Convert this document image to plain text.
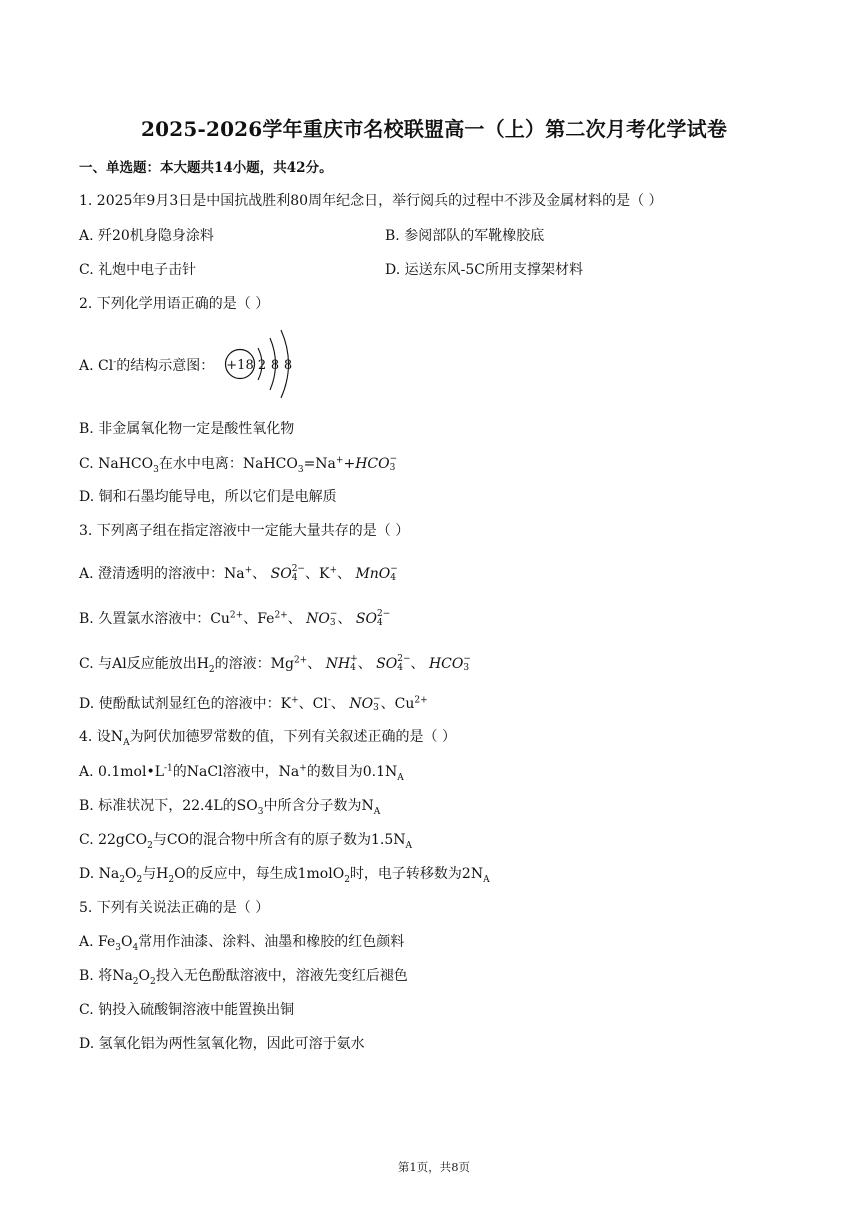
2025-2026学年重庆市名校联盟高一（上）第二次月考化学试卷
一、单选题：本大题共14小题，共42分。
1. 2025年9月3日是中国抗战胜利80周年纪念日，举行阅兵的过程中不涉及金属材料的是（ ）
A. 歼20机身隐身涂料	B. 参阅部队的军靴橡胶底
C. 礼炮中电子击针	D. 运送东风-5C所用支撑架材料
2. 下列化学用语正确的是（ ）
A. Cl-的结构示意图： +18 2 8 8
B. 非金属氧化物一定是酸性氧化物
C. NaHCO$_3$在水中电离：NaHCO$_3$=Na++HCO −
3
D. 铜和石墨均能导电，所以它们是电解质
3. 下列离子组在指定溶液中一定能大量共存的是（ ）
A. 澄清透明的溶液中：Na+、 SO 2−
4 、K+、 MnO −
4
B. 久置氯水溶液中：$Cu^{2+}$、$Fe^{2+}$、 NO −
3 、 SO 2−
4
C. 与Al反应能放出$H_2$的溶液：$Mg^{2+}$、 NH +
4 、 SO 2−
4 、 HCO −
3
D. 使酚酞试剂显红色的溶液中：K+、Cl-、 NO −
3 、$Cu^{2+}$
4. 设$N_A$为阿伏加德罗常数的值，下列有关叙述正确的是（ ）
A. $0.1mol•L^{-1}$的NaCl溶液中，Na+的数目为$0.1N_A$
B. 标准状况下，22.4L的$SO_3$中所含分子数为$N_A$
C. 22gCO$_2$与CO的混合物中所含有的原子数为$1.5N_A$
D. $Na_2O_2$与$H_2O$的反应中，每生成1molO$_2$时，电子转移数为$2N_A$
5. 下列有关说法正确的是（ ）
A. $Fe_3O_4$常用作油漆、涂料、油墨和橡胶的红色颜料
B. 将$Na_2O_2$投入无色酚酞溶液中，溶液先变红后褪色
C. 钠投入硫酸铜溶液中能置换出铜
D. 氢氧化铝为两性氢氧化物，因此可溶于氨水
第1页，共8页
